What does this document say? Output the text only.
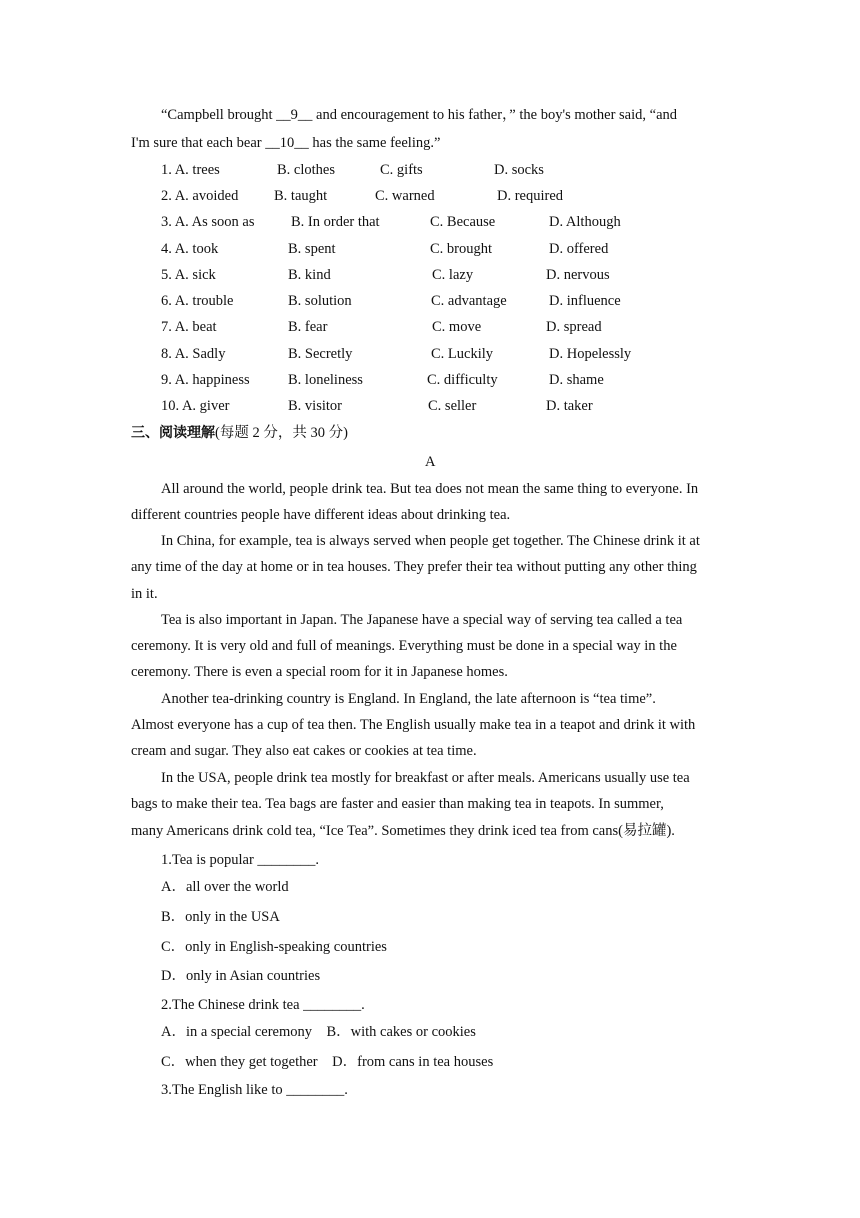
“Campbell brought __9__ and encouragement to his father，” the boy's mother said, “and
I'm sure that each bear __10__ has the same feeling.”
1. A. trees	B. clothes	C. gifts	D. socks
2. A. avoided B. taught	C. warned	D. required
3. A. As soon as	B. In order that	C. Because	D. Although
4. A. took	B. spent	C. brought	D. offered
5. A. sick	B. kind	C. lazy	D. nervous
6. A. trouble	B. solution	C. advantage	D. influence
7. A. beat	B. fear	C. move	D. spread
8. A. Sadly	B. Secretly	C. Luckily	D. Hopelessly
9. A. happiness	B. loneliness	C. difficulty	D. shame
10. A. giver	B. visitor	C. seller	D. taker
三、阅读理解(每题 2 分，共 30 分)
A
All around the world, people drink tea. But tea does not mean the same thing to everyone. In
different countries people have different ideas about drinking tea.
In China, for example, tea is always served when people get together. The Chinese drink it at
any time of the day at home or in tea houses. They prefer their tea without putting any other thing
in it.
Tea is also important in Japan. The Japanese have a special way of serving tea called a tea
ceremony. It is very old and full of meanings. Everything must be done in a special way in the
ceremony. There is even a special room for it in Japanese homes.
Another tea-drinking country is England. In England, the late afternoon is “tea time”.
Almost everyone has a cup of tea then. The English usually make tea in a teapot and drink it with
cream and sugar. They also eat cakes or cookies at tea time.
In the USA, people drink tea mostly for breakfast or after meals. Americans usually use tea
bags to make their tea. Tea bags are faster and easier than making tea in teapots. In summer,
many Americans drink cold tea, “Ice Tea”. Sometimes they drink iced tea from cans(易拉罐).
1.Tea is popular ________.
A．all over the world
B．only in the USA
C．only in English-speaking countries
D．only in Asian countries
2.The Chinese drink tea ________.
A．in a special ceremony　B．with cakes or cookies
C．when they get together　D．from cans in tea houses
3.The English like to ________.
